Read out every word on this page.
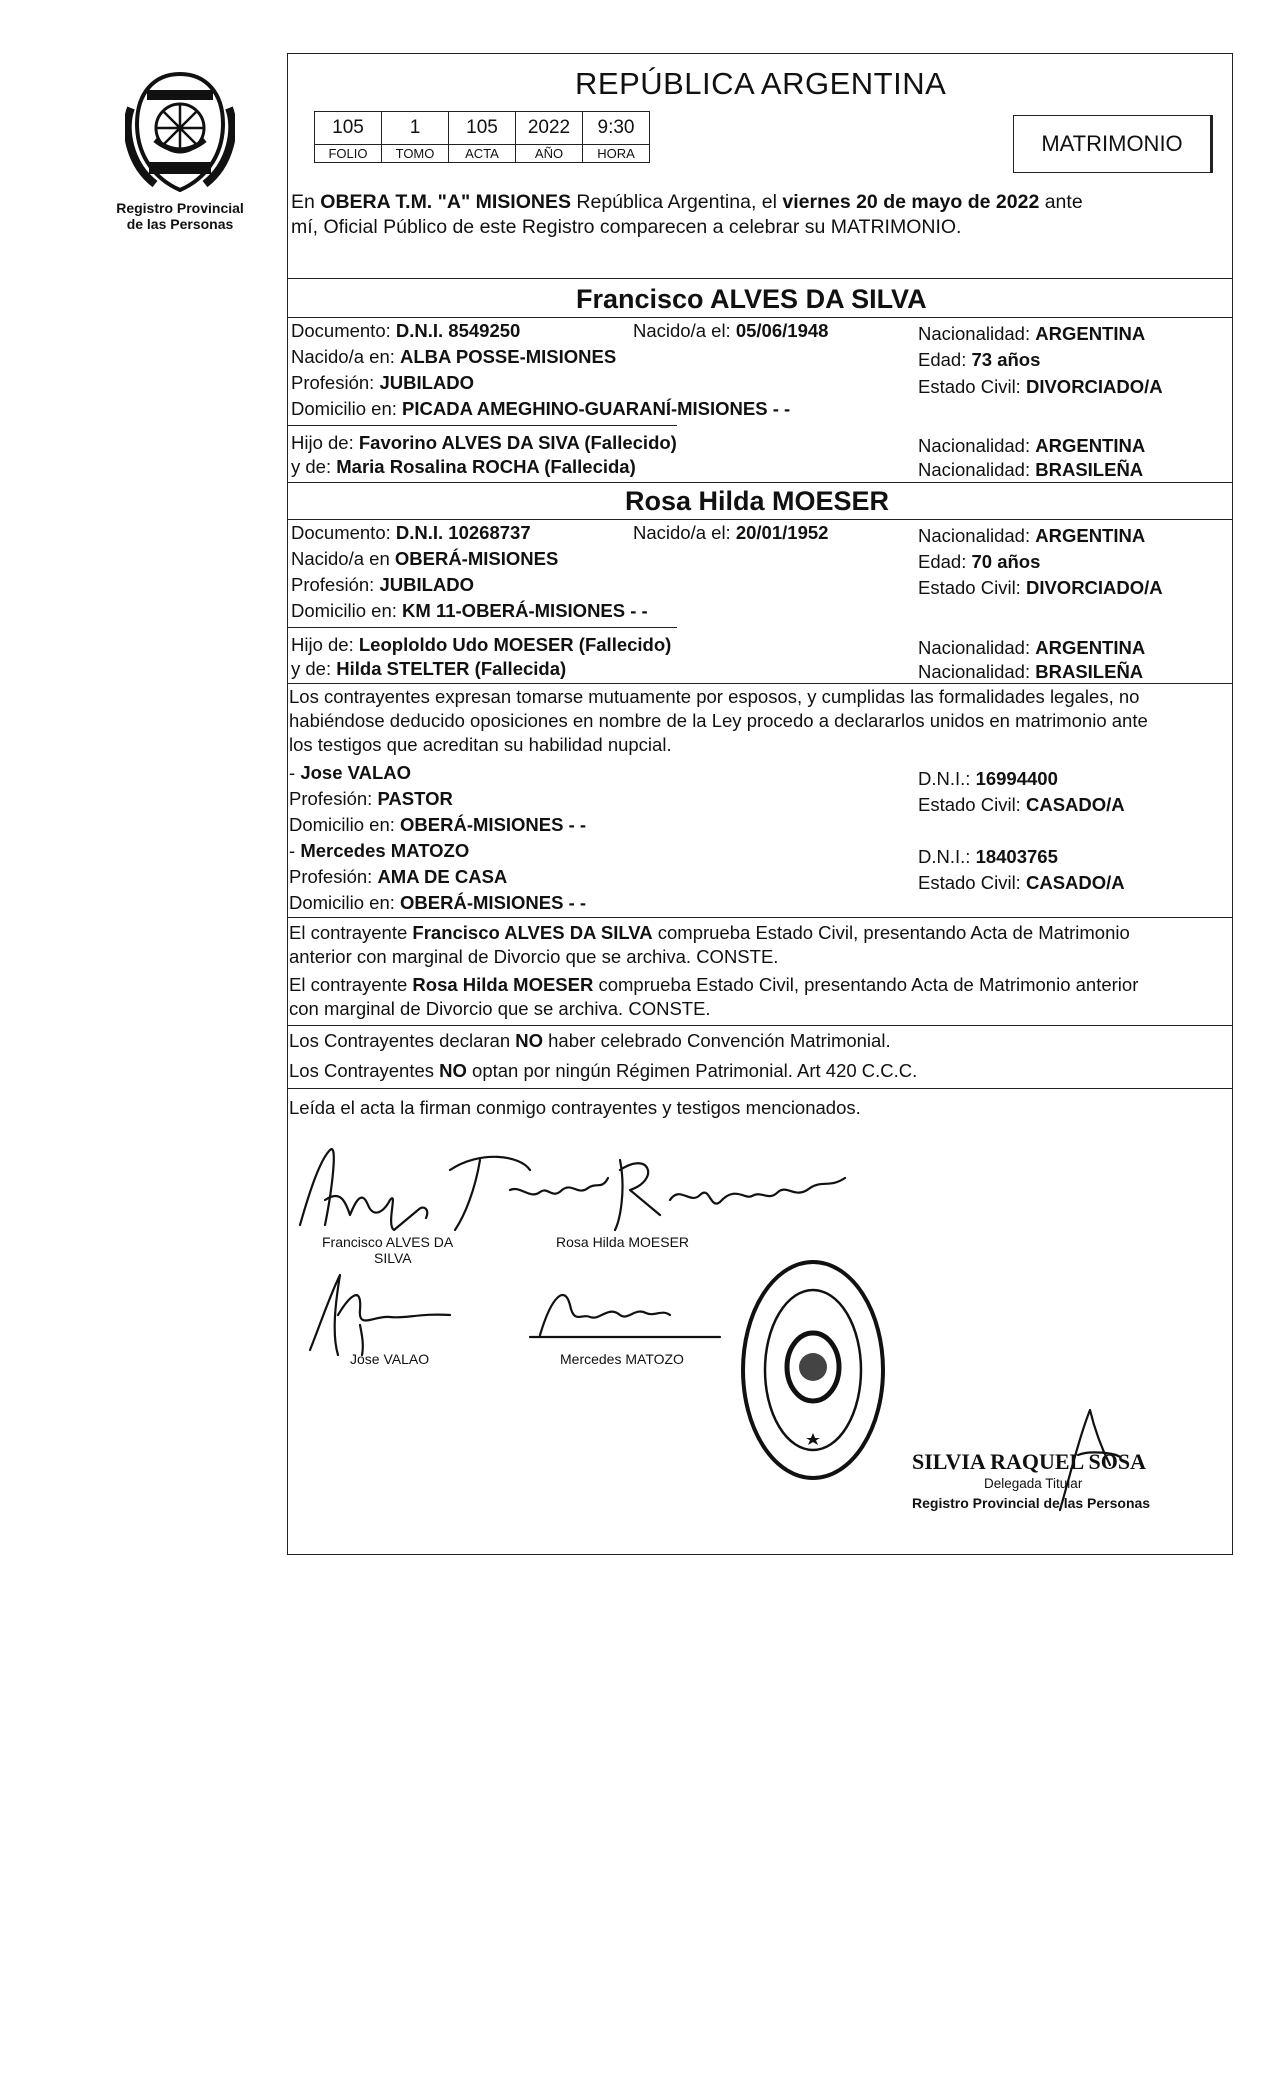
Registro Provincial
de las Personas
REPÚBLICA ARGENTINA
105	1	105	2022	9:30
FOLIO	TOMO	ACTA	AÑO	HORA	MATRIMONIO
En OBERA T.M. "A" MISIONES República Argentina, el viernes 20 de mayo de 2022 ante
mí, Oficial Público de este Registro comparecen a celebrar su MATRIMONIO.
Francisco ALVES DA SILVA
Documento: D.N.I. 8549250	Nacido/a el: 05/06/1948	Nacionalidad: ARGENTINA
Nacido/a en: ALBA POSSE-MISIONES	Edad: 73 años
Profesión: JUBILADO	Estado Civil: DIVORCIADO/A
Domicilio en: PICADA AMEGHINO-GUARANÍ-MISIONES - -
Hijo de: Favorino ALVES DA SIVA (Fallecido)	Nacionalidad: ARGENTINA
y de: Maria Rosalina ROCHA (Fallecida)	Nacionalidad: BRASILEÑA
Rosa Hilda MOESER
Documento: D.N.I. 10268737	Nacido/a el: 20/01/1952	Nacionalidad: ARGENTINA
Nacido/a en OBERÁ-MISIONES	Edad: 70 años
Profesión: JUBILADO	Estado Civil: DIVORCIADO/A
Domicilio en: KM 11-OBERÁ-MISIONES - -
Hijo de: Leoploldo Udo MOESER (Fallecido)	Nacionalidad: ARGENTINA
y de: Hilda STELTER (Fallecida)	Nacionalidad: BRASILEÑA
Los contrayentes expresan tomarse mutuamente por esposos, y cumplidas las formalidades legales, no
habiéndose deducido oposiciones en nombre de la Ley procedo a declararlos unidos en matrimonio ante
los testigos que acreditan su habilidad nupcial.
- Jose VALAO	D.N.I.: 16994400
Profesión: PASTOR	Estado Civil: CASADO/A
Domicilio en: OBERÁ-MISIONES - -
- Mercedes MATOZO	D.N.I.: 18403765
Profesión: AMA DE CASA	Estado Civil: CASADO/A
Domicilio en: OBERÁ-MISIONES - -
El contrayente Francisco ALVES DA SILVA comprueba Estado Civil, presentando Acta de Matrimonio
anterior con marginal de Divorcio que se archiva. CONSTE.
El contrayente Rosa Hilda MOESER comprueba Estado Civil, presentando Acta de Matrimonio anterior
con marginal de Divorcio que se archiva. CONSTE.
Los Contrayentes declaran NO haber celebrado Convención Matrimonial.
Los Contrayentes NO optan por ningún Régimen Patrimonial. Art 420 C.C.C.
Leída el acta la firman conmigo contrayentes y testigos mencionados.
Francisco ALVES DA
SILVA
Rosa Hilda MOESER
Jose VALAO	Mercedes MATOZO
SILVIA RAQUEL SOSA
Delegada Titular
Registro Provincial de las Personas
